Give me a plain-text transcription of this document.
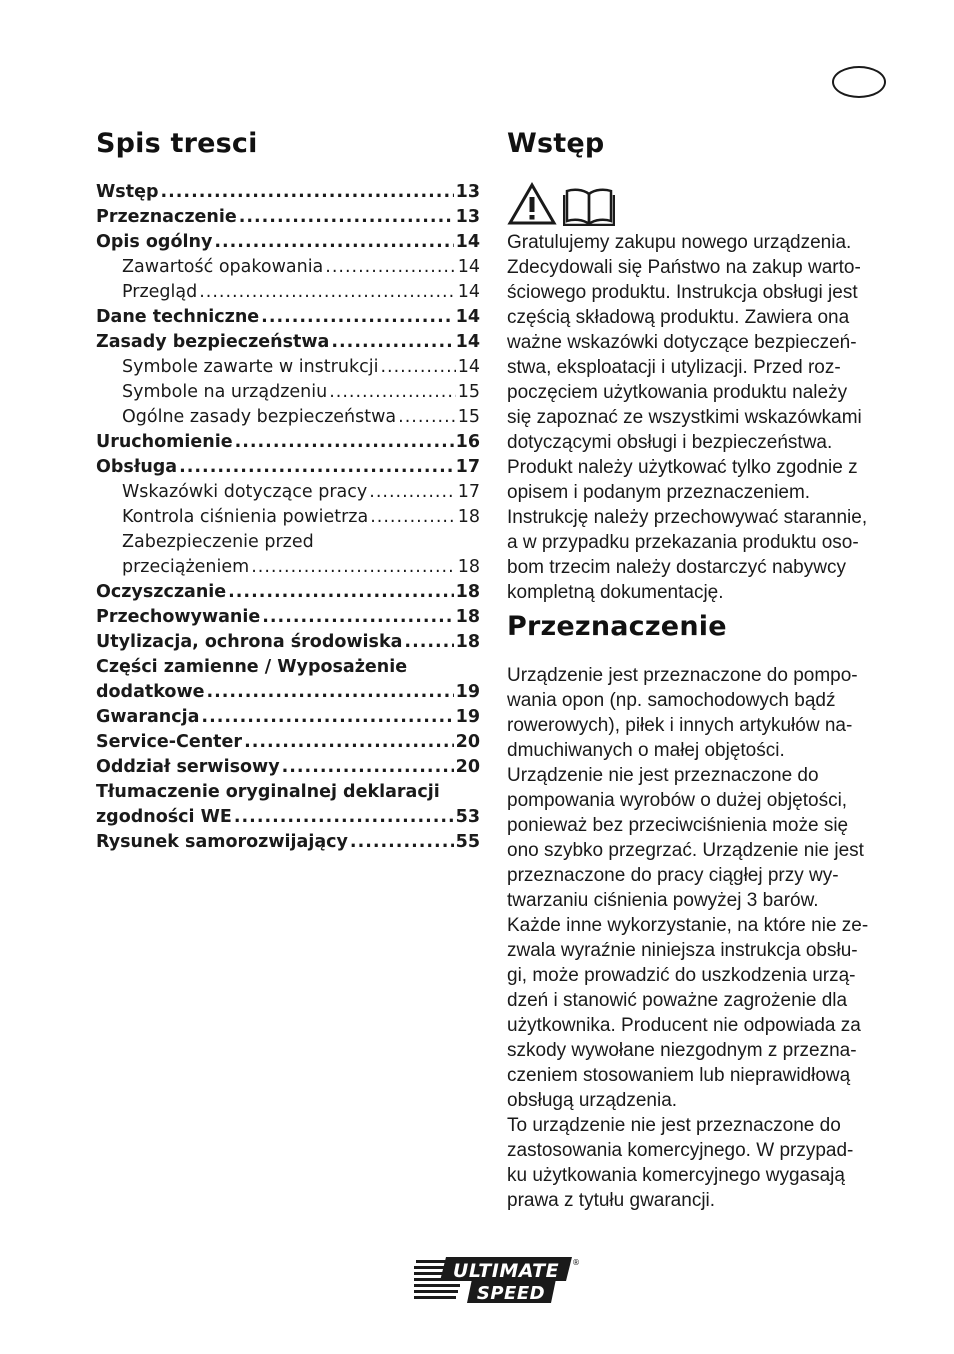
Spis tresci
Wstęp .....	13
Przeznaczenie .....	13
Opis ogólny .....	14
Zawartość opakowania .....	14
Przegląd .....	14
Dane techniczne .....	14
Zasady bezpieczeństwa .....	14
Symbole zawarte w instrukcji .....	14
Symbole na urządzeniu .....	15
Ogólne zasady bezpieczeństwa .....	15
Uruchomienie .....	16
Obsługa .....	17
Wskazówki dotyczące pracy .....	17
Kontrola ciśnienia powietrza .....	18
Zabezpieczenie przed
przeciążeniem .....	18
Oczyszczanie .....	18
Przechowywanie .....	18
Utylizacja, ochrona środowiska .....	18
Części zamienne / Wyposażenie
dodatkowe .....	19
Gwarancja .....	19
Service-Center .....	20
Oddział serwisowy .....	20
Tłumaczenie oryginalnej deklaracji
zgodności WE .....	53
Rysunek samorozwijający .....	55
Wstęp

Gratulujemy zakupu nowego urządzenia.
Zdecydowali się Państwo na zakup warto-
ściowego produktu. Instrukcja obsługi jest
częścią składową produktu. Zawiera ona
ważne wskazówki dotyczące bezpieczeń-
stwa, eksploatacji i utylizacji. Przed roz-
poczęciem użytkowania produktu należy
się zapoznać ze wszystkimi wskazówkami
dotyczącymi obsługi i bezpieczeństwa.
Produkt należy użytkować tylko zgodnie z
opisem i podanym przeznaczeniem.
Instrukcję należy przechowywać starannie,
a w przypadku przekazania produktu oso-
bom trzecim należy dostarczyć nabywcy
kompletną dokumentację.

Przeznaczenie

Urządzenie jest przeznaczone do pompo-
wania opon (np. samochodowych bądź
rowerowych), piłek i innych artykułów na-
dmuchiwanych o małej objętości.
Urządzenie nie jest przeznaczone do
pompowania wyrobów o dużej objętości,
ponieważ bez przeciwciśnienia może się
ono szybko przegrzać. Urządzenie nie jest
przeznaczone do pracy ciągłej przy wy-
twarzaniu ciśnienia powyżej 3 barów.
Każde inne wykorzystanie, na które nie ze-
zwala wyraźnie niniejsza instrukcja obsłu-
gi, może prowadzić do uszkodzenia urzą-
dzeń i stanowić poważne zagrożenie dla
użytkownika. Producent nie odpowiada za
szkody wywołane niezgodnym z przezna-
czeniem stosowaniem lub nieprawidłową
obsługą urządzenia.
To urządzenie nie jest przeznaczone do
zastosowania komercyjnego. W przypad-
ku użytkowania komercyjnego wygasają
prawa z tytułu gwarancji.

ULTIMATE
SPEED
®
